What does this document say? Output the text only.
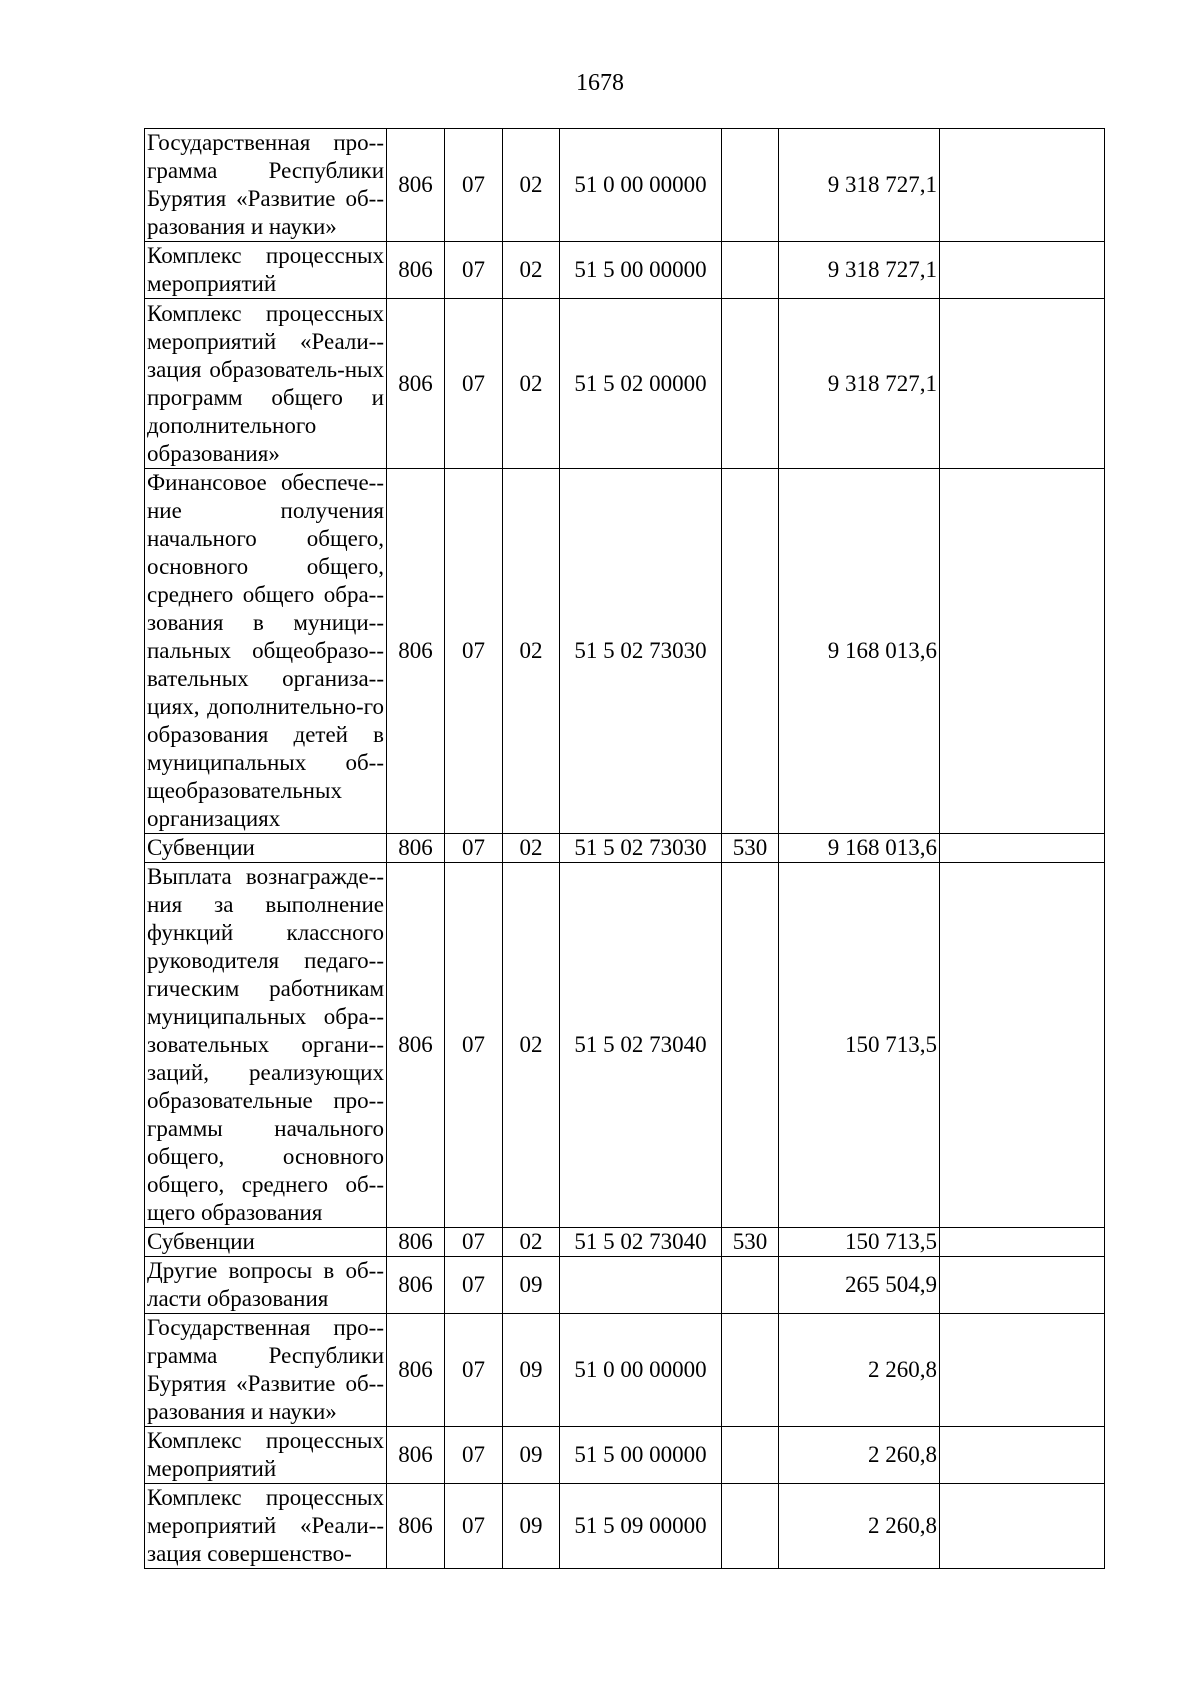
1678
Государственная про-грамма Республики Бурятия «Развитие об-разования и науки»	806	07	02	51 0 00 00000		9 318 727,1	
Комплекс процессных мероприятий	806	07	02	51 5 00 00000		9 318 727,1	
Комплекс процессных мероприятий «Реали-зация образователь-ных программ общего и дополнительного образования»	806	07	02	51 5 02 00000		9 318 727,1	
Финансовое обеспече-ние получения начального общего, основного общего, среднего общего обра-зования в муници-пальных общеобразо-вательных организа-циях, дополнительно-го образования детей в муниципальных об-щеобразовательных организациях	806	07	02	51 5 02 73030		9 168 013,6	
Субвенции	806	07	02	51 5 02 73030	530	9 168 013,6	
Выплата вознагражде-ния за выполнение функций классного руководителя педаго-гическим работникам муниципальных обра-зовательных органи-заций, реализующих образовательные про-граммы начального общего, основного общего, среднего об-щего образования	806	07	02	51 5 02 73040		150 713,5	
Субвенции	806	07	02	51 5 02 73040	530	150 713,5	
Другие вопросы в об-ласти образования	806	07	09			265 504,9	
Государственная про-грамма Республики Бурятия «Развитие об-разования и науки»	806	07	09	51 0 00 00000		2 260,8	
Комплекс процессных мероприятий	806	07	09	51 5 00 00000		2 260,8	
Комплекс процессных мероприятий «Реали-зация совершенство-	806	07	09	51 5 09 00000		2 260,8	
